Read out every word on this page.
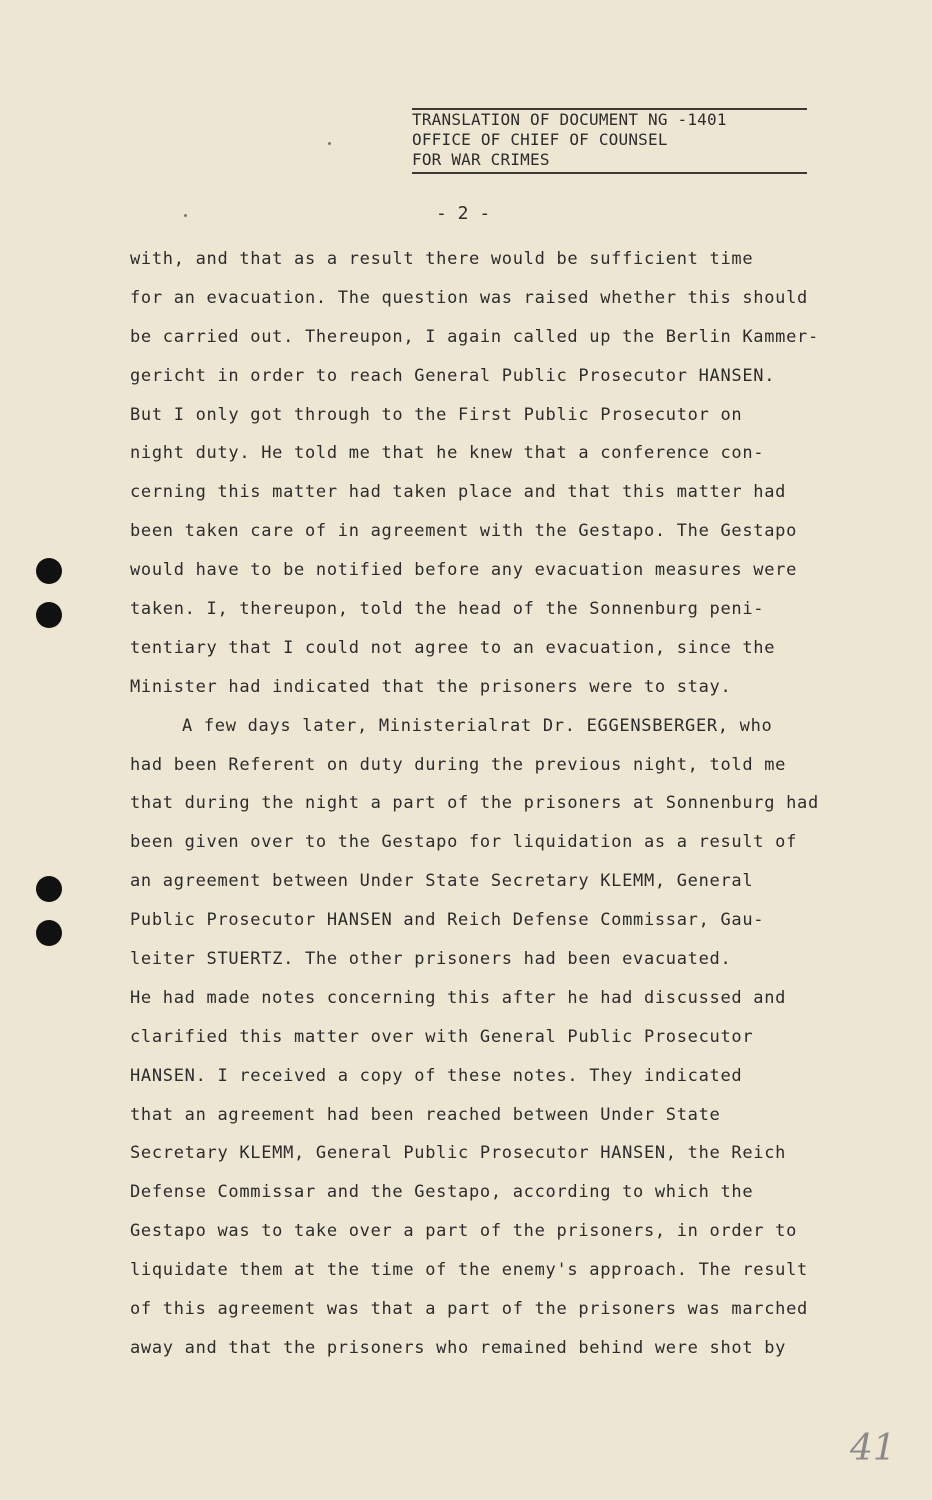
TRANSLATION OF DOCUMENT NG -1401
OFFICE OF CHIEF OF COUNSEL
FOR WAR CRIMES
- 2 -
with, and that as a result there would be sufficient time
for an evacuation. The question was raised whether this should
be carried out. Thereupon, I again called up the Berlin Kammer-
gericht in order to reach General Public Prosecutor HANSEN.
But I only got through to the First Public Prosecutor on
night duty. He told me that he knew that a conference con-
cerning this matter had taken place and that this matter had
been taken care of in agreement with the Gestapo. The Gestapo
would have to be notified before any evacuation measures were
taken. I, thereupon, told the head of the Sonnenburg peni-
tentiary that I could not agree to an evacuation, since the
Minister had indicated that the prisoners were to stay.
A few days later, Ministerialrat Dr. EGGENSBERGER, who
had been Referent on duty during the previous night, told me
that during the night a part of the prisoners at Sonnenburg had
been given over to the Gestapo for liquidation as a result of
an agreement between Under State Secretary KLEMM, General
Public Prosecutor HANSEN and Reich Defense Commissar, Gau-
leiter STUERTZ. The other prisoners had been evacuated.
He had made notes concerning this after he had discussed and
clarified this matter over with General Public Prosecutor
HANSEN. I received a copy of these notes. They indicated
that an agreement had been reached between Under State
Secretary KLEMM, General Public Prosecutor HANSEN, the Reich
Defense Commissar and the Gestapo, according to which the
Gestapo was to take over a part of the prisoners, in order to
liquidate them at the time of the enemy's approach. The result
of this agreement was that a part of the prisoners was marched
away and that the prisoners who remained behind were shot by
41
